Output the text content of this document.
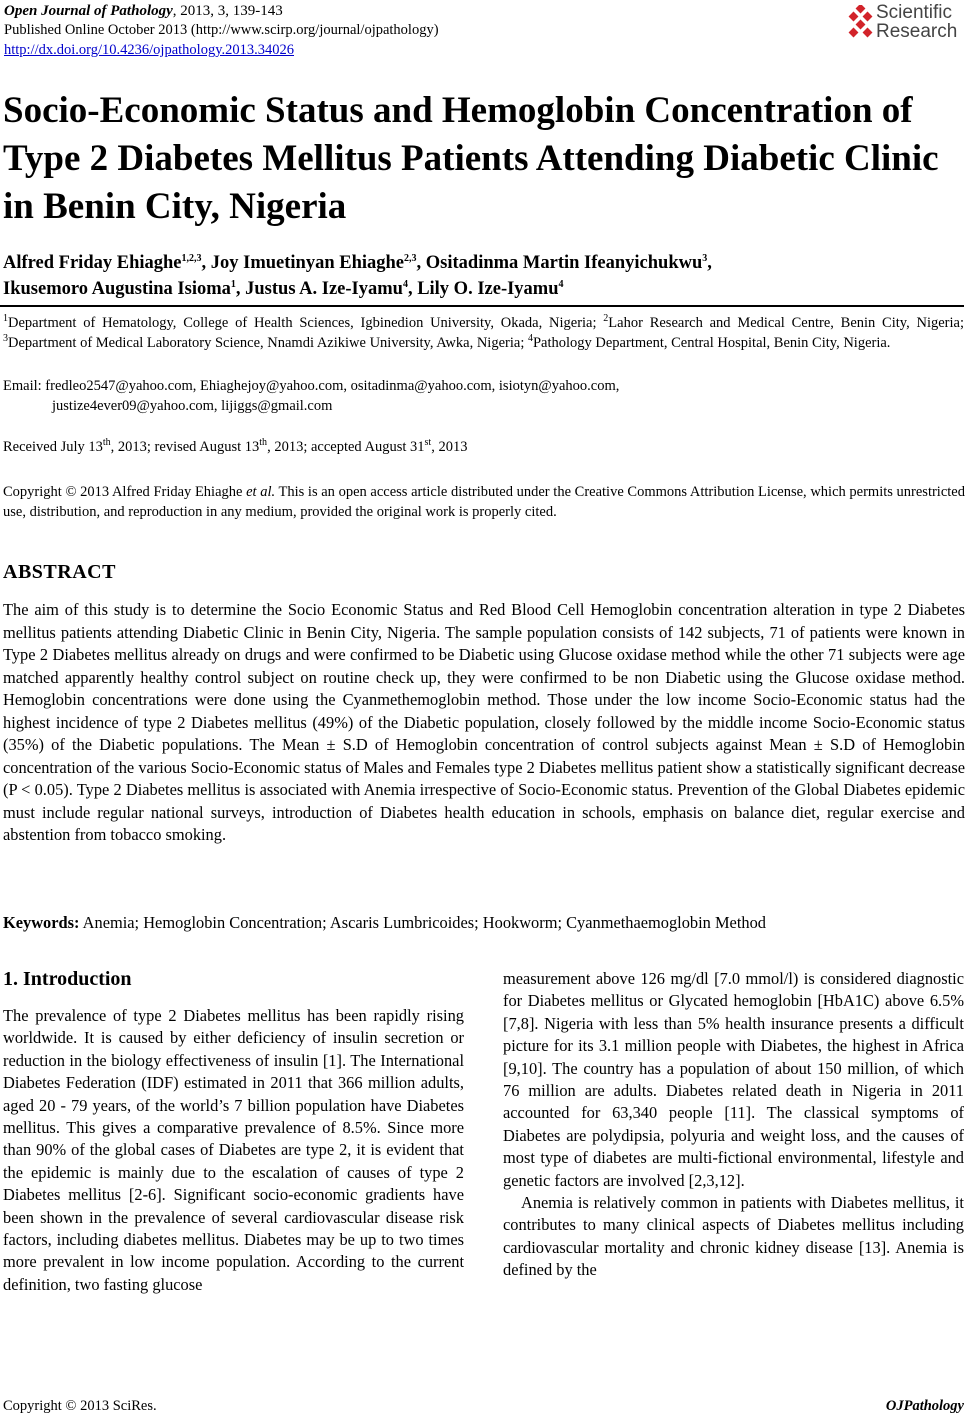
Open Journal of Pathology, 2013, 3, 139-143
Published Online October 2013 (http://www.scirp.org/journal/ojpathology)
http://dx.doi.org/10.4236/ojpathology.2013.34026
Scientific
Research
Socio-Economic Status and Hemoglobin Concentration of Type 2 Diabetes Mellitus Patients Attending Diabetic Clinic in Benin City, Nigeria
Alfred Friday Ehiaghe$^{1,2,3}$, Joy Imuetinyan Ehiaghe$^{2,3}$, Ositadinma Martin Ifeanyichukwu$^3$,
Ikusemoro Augustina Isioma$^1$, Justus A. Ize-Iyamu$^4$, Lily O. Ize-Iyamu$^4$
$^1$Department of Hematology, College of Health Sciences, Igbinedion University, Okada, Nigeria; $^2$Lahor Research and Medical Centre, Benin City, Nigeria; $^3$Department of Medical Laboratory Science, Nnamdi Azikiwe University, Awka, Nigeria; $^4$Pathology Department, Central Hospital, Benin City, Nigeria.
Email: fredleo2547@yahoo.com, Ehiaghejoy@yahoo.com, ositadinma@yahoo.com, isiotyn@yahoo.com,
justize4ever09@yahoo.com, lijiggs@gmail.com
Received July 13th, 2013; revised August 13th, 2013; accepted August 31st, 2013
Copyright © 2013 Alfred Friday Ehiaghe et al. This is an open access article distributed under the Creative Commons Attribution License, which permits unrestricted use, distribution, and reproduction in any medium, provided the original work is properly cited.
ABSTRACT
The aim of this study is to determine the Socio Economic Status and Red Blood Cell Hemoglobin concentration alteration in type 2 Diabetes mellitus patients attending Diabetic Clinic in Benin City, Nigeria. The sample population consists of 142 subjects, 71 of patients were known in Type 2 Diabetes mellitus already on drugs and were confirmed to be Diabetic using Glucose oxidase method while the other 71 subjects were age matched apparently healthy control subject on routine check up, they were confirmed to be non Diabetic using the Glucose oxidase method. Hemoglobin concentrations were done using the Cyanmethemoglobin method. Those under the low income Socio-Economic status had the highest incidence of type 2 Diabetes mellitus (49%) of the Diabetic population, closely followed by the middle income Socio-Economic status (35%) of the Diabetic populations. The Mean ± S.D of Hemoglobin concentration of control subjects against Mean ± S.D of Hemoglobin concentration of the various Socio-Economic status of Males and Females type 2 Diabetes mellitus patient show a statistically significant decrease (P < 0.05). Type 2 Diabetes mellitus is associated with Anemia irrespective of Socio-Economic status. Prevention of the Global Diabetes epidemic must include regular national surveys, introduction of Diabetes health education in schools, emphasis on balance diet, regular exercise and abstention from tobacco smoking.
Keywords: Anemia; Hemoglobin Concentration; Ascaris Lumbricoides; Hookworm; Cyanmethaemoglobin Method
1. Introduction

The prevalence of type 2 Diabetes mellitus has been rapidly rising worldwide. It is caused by either deficiency of insulin secretion or reduction in the biology effectiveness of insulin [1]. The International Diabetes Federation (IDF) estimated in 2011 that 366 million adults, aged 20 - 79 years, of the world’s 7 billion population have Diabetes mellitus. This gives a comparative prevalence of 8.5%. Since more than 90% of the global cases of Diabetes are type 2, it is evident that the epidemic is mainly due to the escalation of causes of type 2 Diabetes mellitus [2-6]. Significant socio-economic gradients have been shown in the prevalence of several cardiovascular disease risk factors, including diabetes mellitus. Diabetes may be up to two times more prevalent in low income population. According to the current definition, two fasting glucose

measurement above 126 mg/dl [7.0 mmol/l) is considered diagnostic for Diabetes mellitus or Glycated hemoglobin [HbA1C) above 6.5% [7,8]. Nigeria with less than 5% health insurance presents a difficult picture for its 3.1 million people with Diabetes, the highest in Africa [9,10]. The country has a population of about 150 million, of which 76 million are adults. Diabetes related death in Nigeria in 2011 accounted for 63,340 people [11]. The classical symptoms of Diabetes are polydipsia, polyuria and weight loss, and the causes of most type of diabetes are multi-fictional environmental, lifestyle and genetic factors are involved [2,3,12].

Anemia is relatively common in patients with Diabetes mellitus, it contributes to many clinical aspects of Diabetes mellitus including cardiovascular mortality and chronic kidney disease [13]. Anemia is defined by the

Copyright © 2013 SciRes.	OJPathology
